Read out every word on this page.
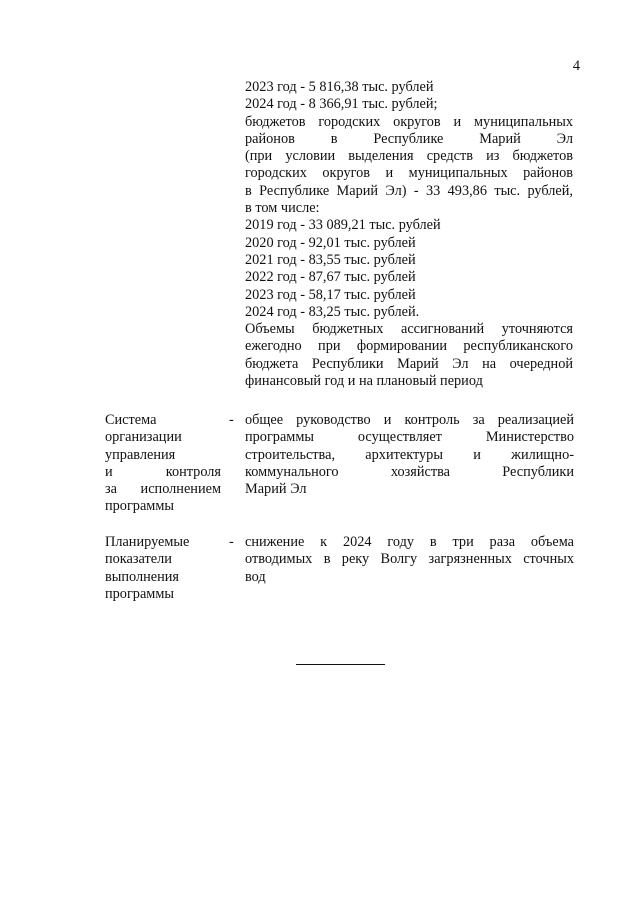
4
2023 год - 5 816,38 тыс. рублей
2024 год - 8 366,91 тыс. рублей;
бюджетов городских округов и муниципальных
районов в Республике Марий Эл
(при условии выделения средств из бюджетов
городских округов и муниципальных районов
в Республике Марий Эл) - 33 493,86 тыс. рублей,
в том числе:
2019 год - 33 089,21 тыс. рублей
2020 год - 92,01 тыс. рублей
2021 год - 83,55 тыс. рублей
2022 год - 87,67 тыс. рублей
2023 год - 58,17 тыс. рублей
2024 год - 83,25 тыс. рублей.
Объемы бюджетных ассигнований уточняются
ежегодно при формировании республиканского
бюджета Республики Марий Эл на очередной
финансовый год и на плановый период
Система
организации
управления
и контроля
за исполнением
программы
- общее руководство и контроль за реализацией
программы осуществляет Министерство
строительства, архитектуры и жилищно-
коммунального хозяйства Республики
Марий Эл
Планируемые
показатели
выполнения
программы
- снижение к 2024 году в три раза объема
отводимых в реку Волгу загрязненных сточных
вод
